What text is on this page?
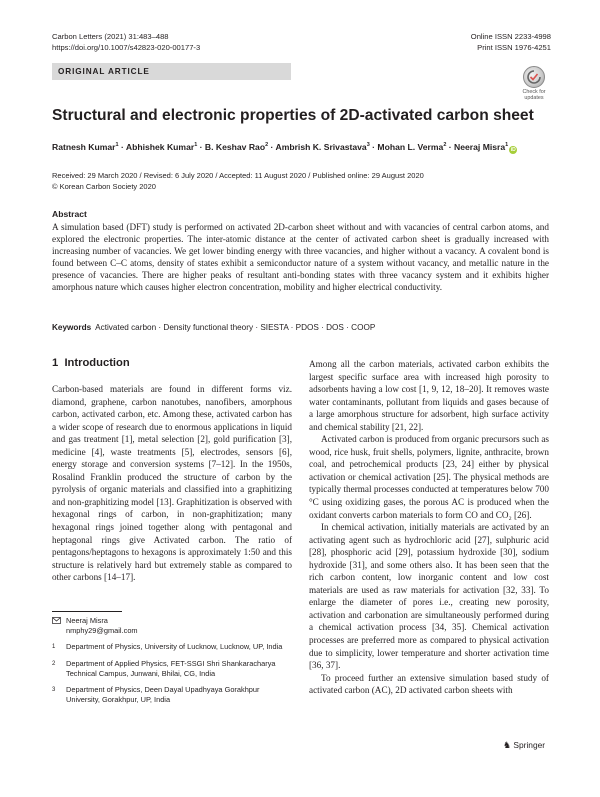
Carbon Letters (2021) 31:483–488
https://doi.org/10.1007/s42823-020-00177-3
Online ISSN 2233-4998
Print ISSN 1976-4251
ORIGINAL ARTICLE
Check for
updates
Structural and electronic properties of 2D-activated carbon sheet
Ratnesh Kumar$^1$ · Abhishek Kumar$^1$ · B. Keshav Rao$^2$ · Ambrish K. Srivastava$^3$ · Mohan L. Verma$^2$ · Neeraj Misra$^1$iD
Received: 29 March 2020 / Revised: 6 July 2020 / Accepted: 11 August 2020 / Published online: 29 August 2020
© Korean Carbon Society 2020
Abstract
A simulation based (DFT) study is performed on activated 2D-carbon sheet without and with vacancies of central carbon atoms, and explored the electronic properties. The inter-atomic distance at the center of activated carbon sheet is gradually increased with increasing number of vacancies. We get lower binding energy with three vacancies, and higher without a vacancy. A covalent bond is found between C–C atoms, density of states exhibit a semiconductor nature of a system without vacancy, and metallic nature in the presence of vacancies. There are higher peaks of resultant anti-bonding states with three vacancy system and it exhibits higher amorphous nature which causes higher electron concentration, mobility and higher electrical conductivity.
Keywords Activated carbon · Density functional theory · SIESTA · PDOS · DOS · COOP
1 Introduction

Carbon-based materials are found in different forms viz. diamond, graphene, carbon nanotubes, nanofibers, amorphous carbon, activated carbon, etc. Among these, activated carbon has a wider scope of research due to enormous applications in liquid and gas treatment [1], metal selection [2], gold purification [3], medicine [4], waste treatments [5], electrodes, sensors [6], energy storage and conversion systems [7–12]. In the 1950s, Rosalind Franklin produced the structure of carbon by the pyrolysis of organic materials and classified into a graphitizing and non-graphitizing model [13]. Graphitization is observed with hexagonal rings of carbon, in non-graphitization; many hexagonal rings joined together along with pentagonal and heptagonal rings give Activated carbon. The ratio of pentagons/heptagons to hexagons is approximately 1:50 and this structure is relatively hard but extremely stable as compared to other carbons [14–17].

Among all the carbon materials, activated carbon exhibits the largest specific surface area with increased high porosity to adsorbents having a low cost [1, 9, 12, 18–20]. It removes waste water contaminants, pollutant from liquids and gases because of a large amorphous structure for adsorbent, high surface activity and chemical stability [21, 22].

Activated carbon is produced from organic precursors such as wood, rice husk, fruit shells, polymers, lignite, anthracite, brown coal, and petrochemical products [23, 24] either by physical activation or chemical activation [25]. The physical methods are typically thermal processes conducted at temperatures below 700 °C using oxidizing gases, the porous AC is produced when the oxidant converts carbon materials to form CO and CO₂ [26].

In chemical activation, initially materials are activated by an activating agent such as hydrochloric acid [27], sulphuric acid [28], phosphoric acid [29], potassium hydroxide [30], sodium hydroxide [31], and some others also. It has been seen that the rich carbon content, low inorganic content and low cost materials are used as raw materials for activation [32, 33]. To enlarge the diameter of pores i.e., creating new porosity, activation and carbonation are simultaneously performed during a chemical activation process [34, 35]. Chemical activation processes are preferred more as compared to physical activation due to simplicity, lower temperature and shorter activation time [36, 37].

To proceed further an extensive simulation based study of activated carbon (AC), 2D activated carbon sheets with

Neeraj Misra
nmphy29@gmail.com
1 Department of Physics, University of Lucknow, Lucknow, UP, India
2 Department of Applied Physics, FET-SSGI Shri Shankaracharya Technical Campus, Junwani, Bhilai, CG, India
3 Department of Physics, Deen Dayal Upadhyaya Gorakhpur University, Gorakhpur, UP, India
♞ Springer
